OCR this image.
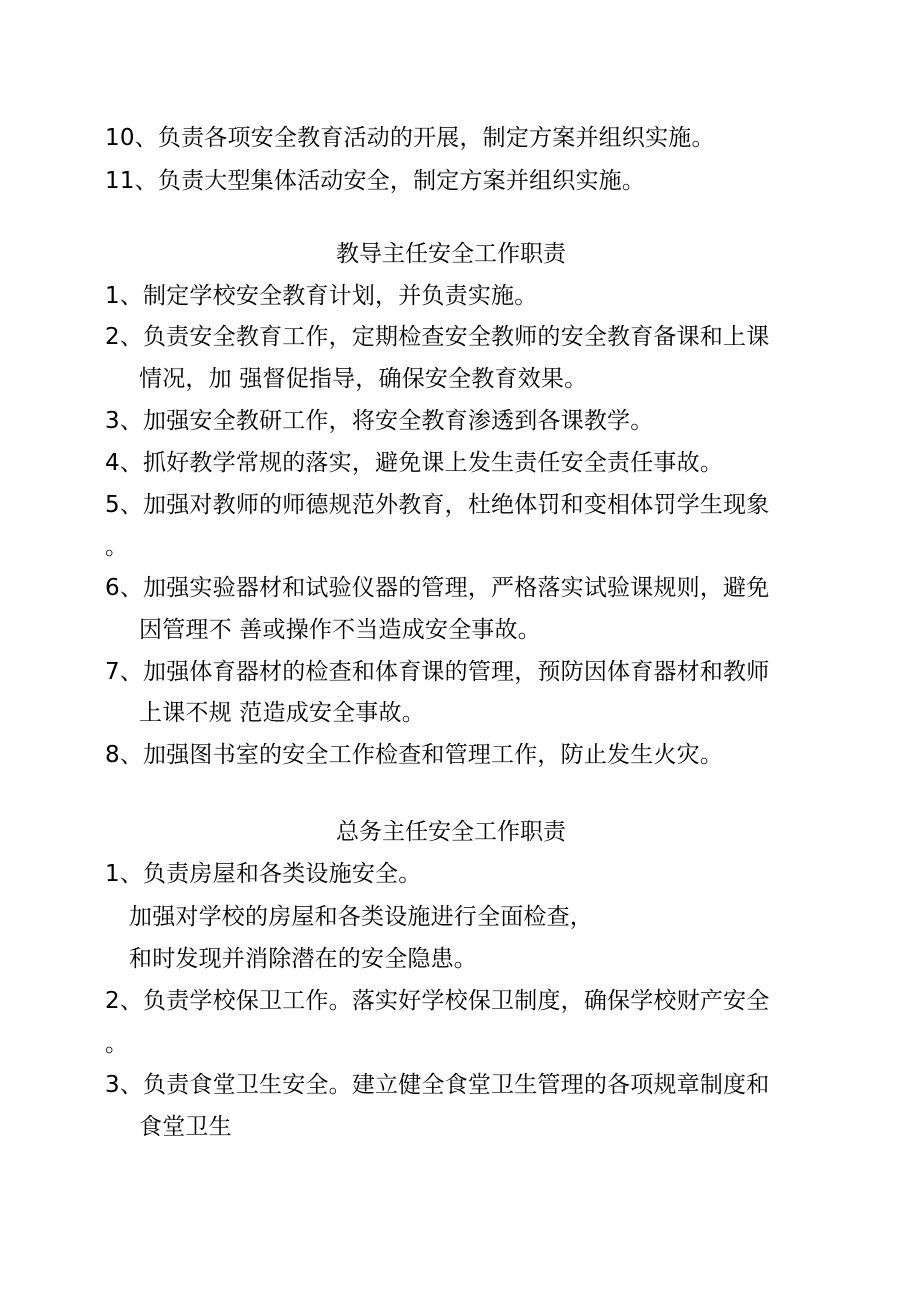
10、负责各项安全教育活动的开展，制定方案并组织实施。
11、负责大型集体活动安全，制定方案并组织实施。
教导主任安全工作职责
1、制定学校安全教育计划，并负责实施。
2、负责安全教育工作，定期检查安全教师的安全教育备课和上课
情况，加 强督促指导，确保安全教育效果。
3、加强安全教研工作，将安全教育渗透到各课教学。
4、抓好教学常规的落实，避免课上发生责任安全责任事故。
5、加强对教师的师德规范外教育，杜绝体罚和变相体罚学生现象
。
6、加强实验器材和试验仪器的管理，严格落实试验课规则，避免
因管理不 善或操作不当造成安全事故。
7、加强体育器材的检查和体育课的管理，预防因体育器材和教师
上课不规 范造成安全事故。
8、加强图书室的安全工作检查和管理工作，防止发生火灾。
总务主任安全工作职责
1、负责房屋和各类设施安全。
加强对学校的房屋和各类设施进行全面检查，
和时发现并消除潜在的安全隐患。
2、负责学校保卫工作。落实好学校保卫制度，确保学校财产安全
。
3、负责食堂卫生安全。建立健全食堂卫生管理的各项规章制度和
食堂卫生
